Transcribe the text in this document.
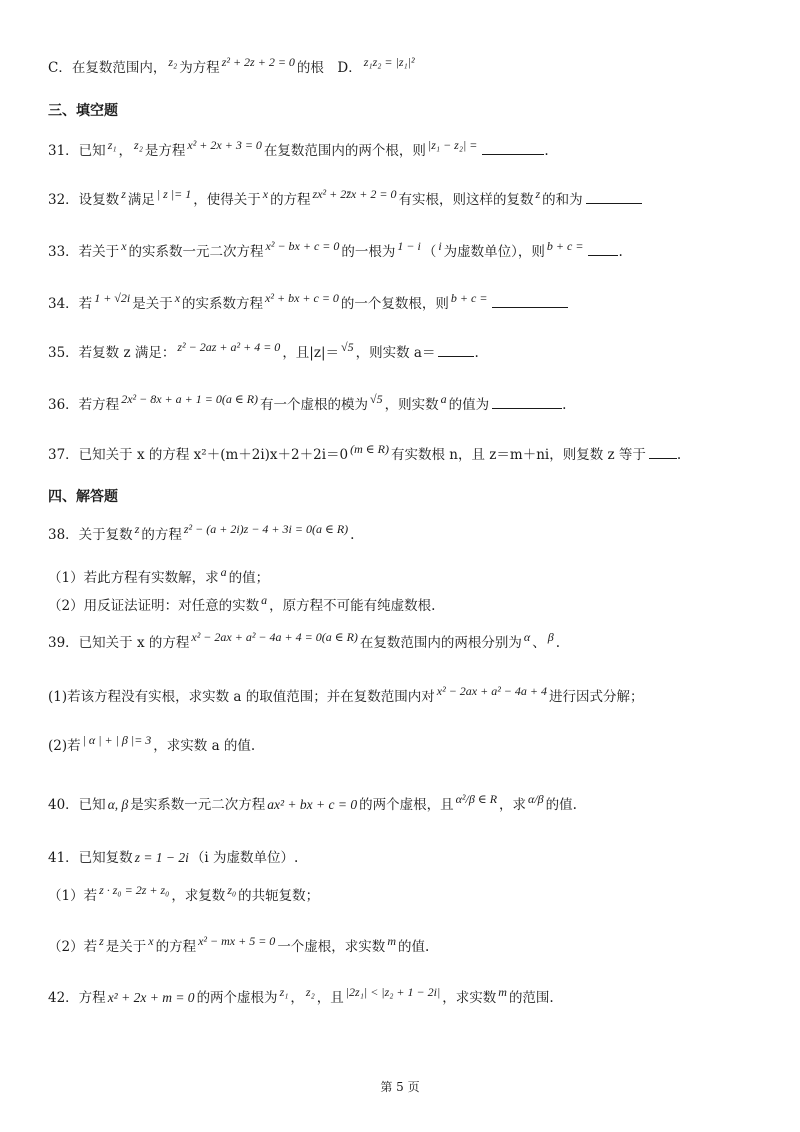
C．在复数范围内， z₂ 为方程 z² + 2z + 2 = 0 的根　D． z₁z₂ = |z₁|²
三、填空题
31．已知 z₁ ， z₂ 是方程 x² + 2x + 3 = 0 在复数范围内的两个根，则 |z₁ − z₂| =	.
32．设复数 z 满足 | z |= 1 ，使得关于 x 的方程 zx² + 2z̄x + 2 = 0 有实根，则这样的复数 z 的和为
33．若关于 x 的实系数一元二次方程 x² − bx + c = 0 的一根为 1 − i （ i 为虚数单位），则 b + c =	.
34．若 1 + √2i 是关于 x 的实系数方程 x² + bx + c = 0 的一个复数根，则 b + c =
35．若复数 z 满足： z² − 2az + a² + 4 = 0 ，且|z|＝ √5 ，则实数 a＝	.
36．若方程 2x² − 8x + a + 1 = 0(a ∈ R) 有一个虚根的模为 √5 ，则实数 a 的值为	.
37．已知关于 x 的方程 x²＋(m＋2i)x＋2＋2i＝0 (m ∈ R) 有实数根 n，且 z＝m＋ni，则复数 z 等于 .
四、解答题
38．关于复数 z 的方程 z² − (a + 2i)z − 4 + 3i = 0(a ∈ R) .
（1）若此方程有实数解，求 a 的值；
（2）用反证法证明：对任意的实数 a ，原方程不可能有纯虚数根.
39．已知关于 x 的方程 x² − 2ax + a² − 4a + 4 = 0(a ∈ R) 在复数范围内的两根分别为 α 、 β .
(1)若该方程没有实根，求实数 a 的取值范围；并在复数范围内对 x² − 2ax + a² − 4a + 4 进行因式分解；
(2)若 | α | + | β |= 3 ，求实数 a 的值.
40．已知 α, β 是实系数一元二次方程 ax² + bx + c = 0 的两个虚根，且 α²/β ∈ R ，求 α/β 的值.
41．已知复数 z = 1 − 2i （i 为虚数单位）.
（1）若 z · z₀ = 2z + z₀ ，求复数 z₀ 的共轭复数；
（2）若 z 是关于 x 的方程 x² − mx + 5 = 0 一个虚根，求实数 m 的值.
42．方程 x² + 2x + m = 0 的两个虚根为 z₁ ， z₂ ，且 |2z₁| < |z₂ + 1 − 2i| ，求实数 m 的范围.
第 5 页
